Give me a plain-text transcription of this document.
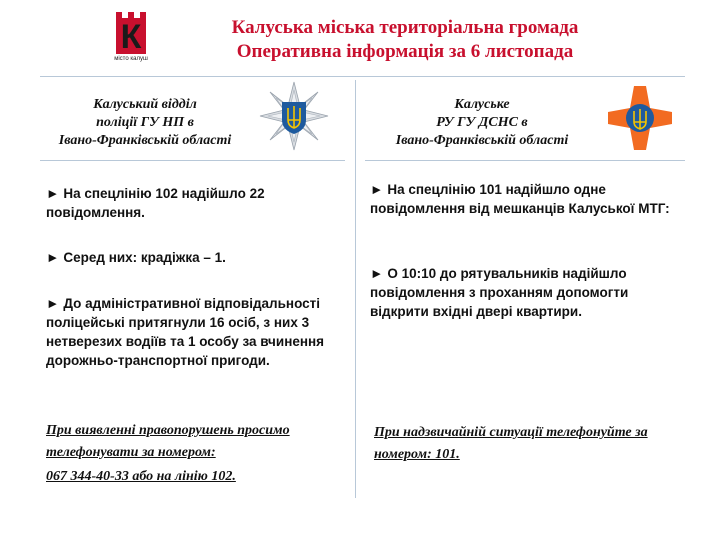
К
місто калуш
Калуська міська територіальна громада
Оперативна інформація за 6 листопада
Калуський відділ
поліції ГУ НП в
Івано-Франківській області
Калуське
РУ ГУ ДСНС в
Івано-Франківській області
► На спецлінію 102 надійшло 22 повідомлення.
► Серед них: крадіжка – 1.
► До адміністративної відповідальності поліцейські притягнули 16 осіб, з них 3 нетверезих водіїв та 1 особу за вчинення дорожньо-транспортної пригоди.
► На спецлінію 101 надійшло одне повідомлення від мешканців Калуської МТГ:
► О 10:10 до рятувальників надійшло повідомлення з проханням допомогти відкрити вхідні двері квартири.
При виявленні правопорушень просимо телефонувати за номером:
067 344-40-33 або на лінію 102.
При надзвичайній ситуації телефонуйте за номером: 101.
